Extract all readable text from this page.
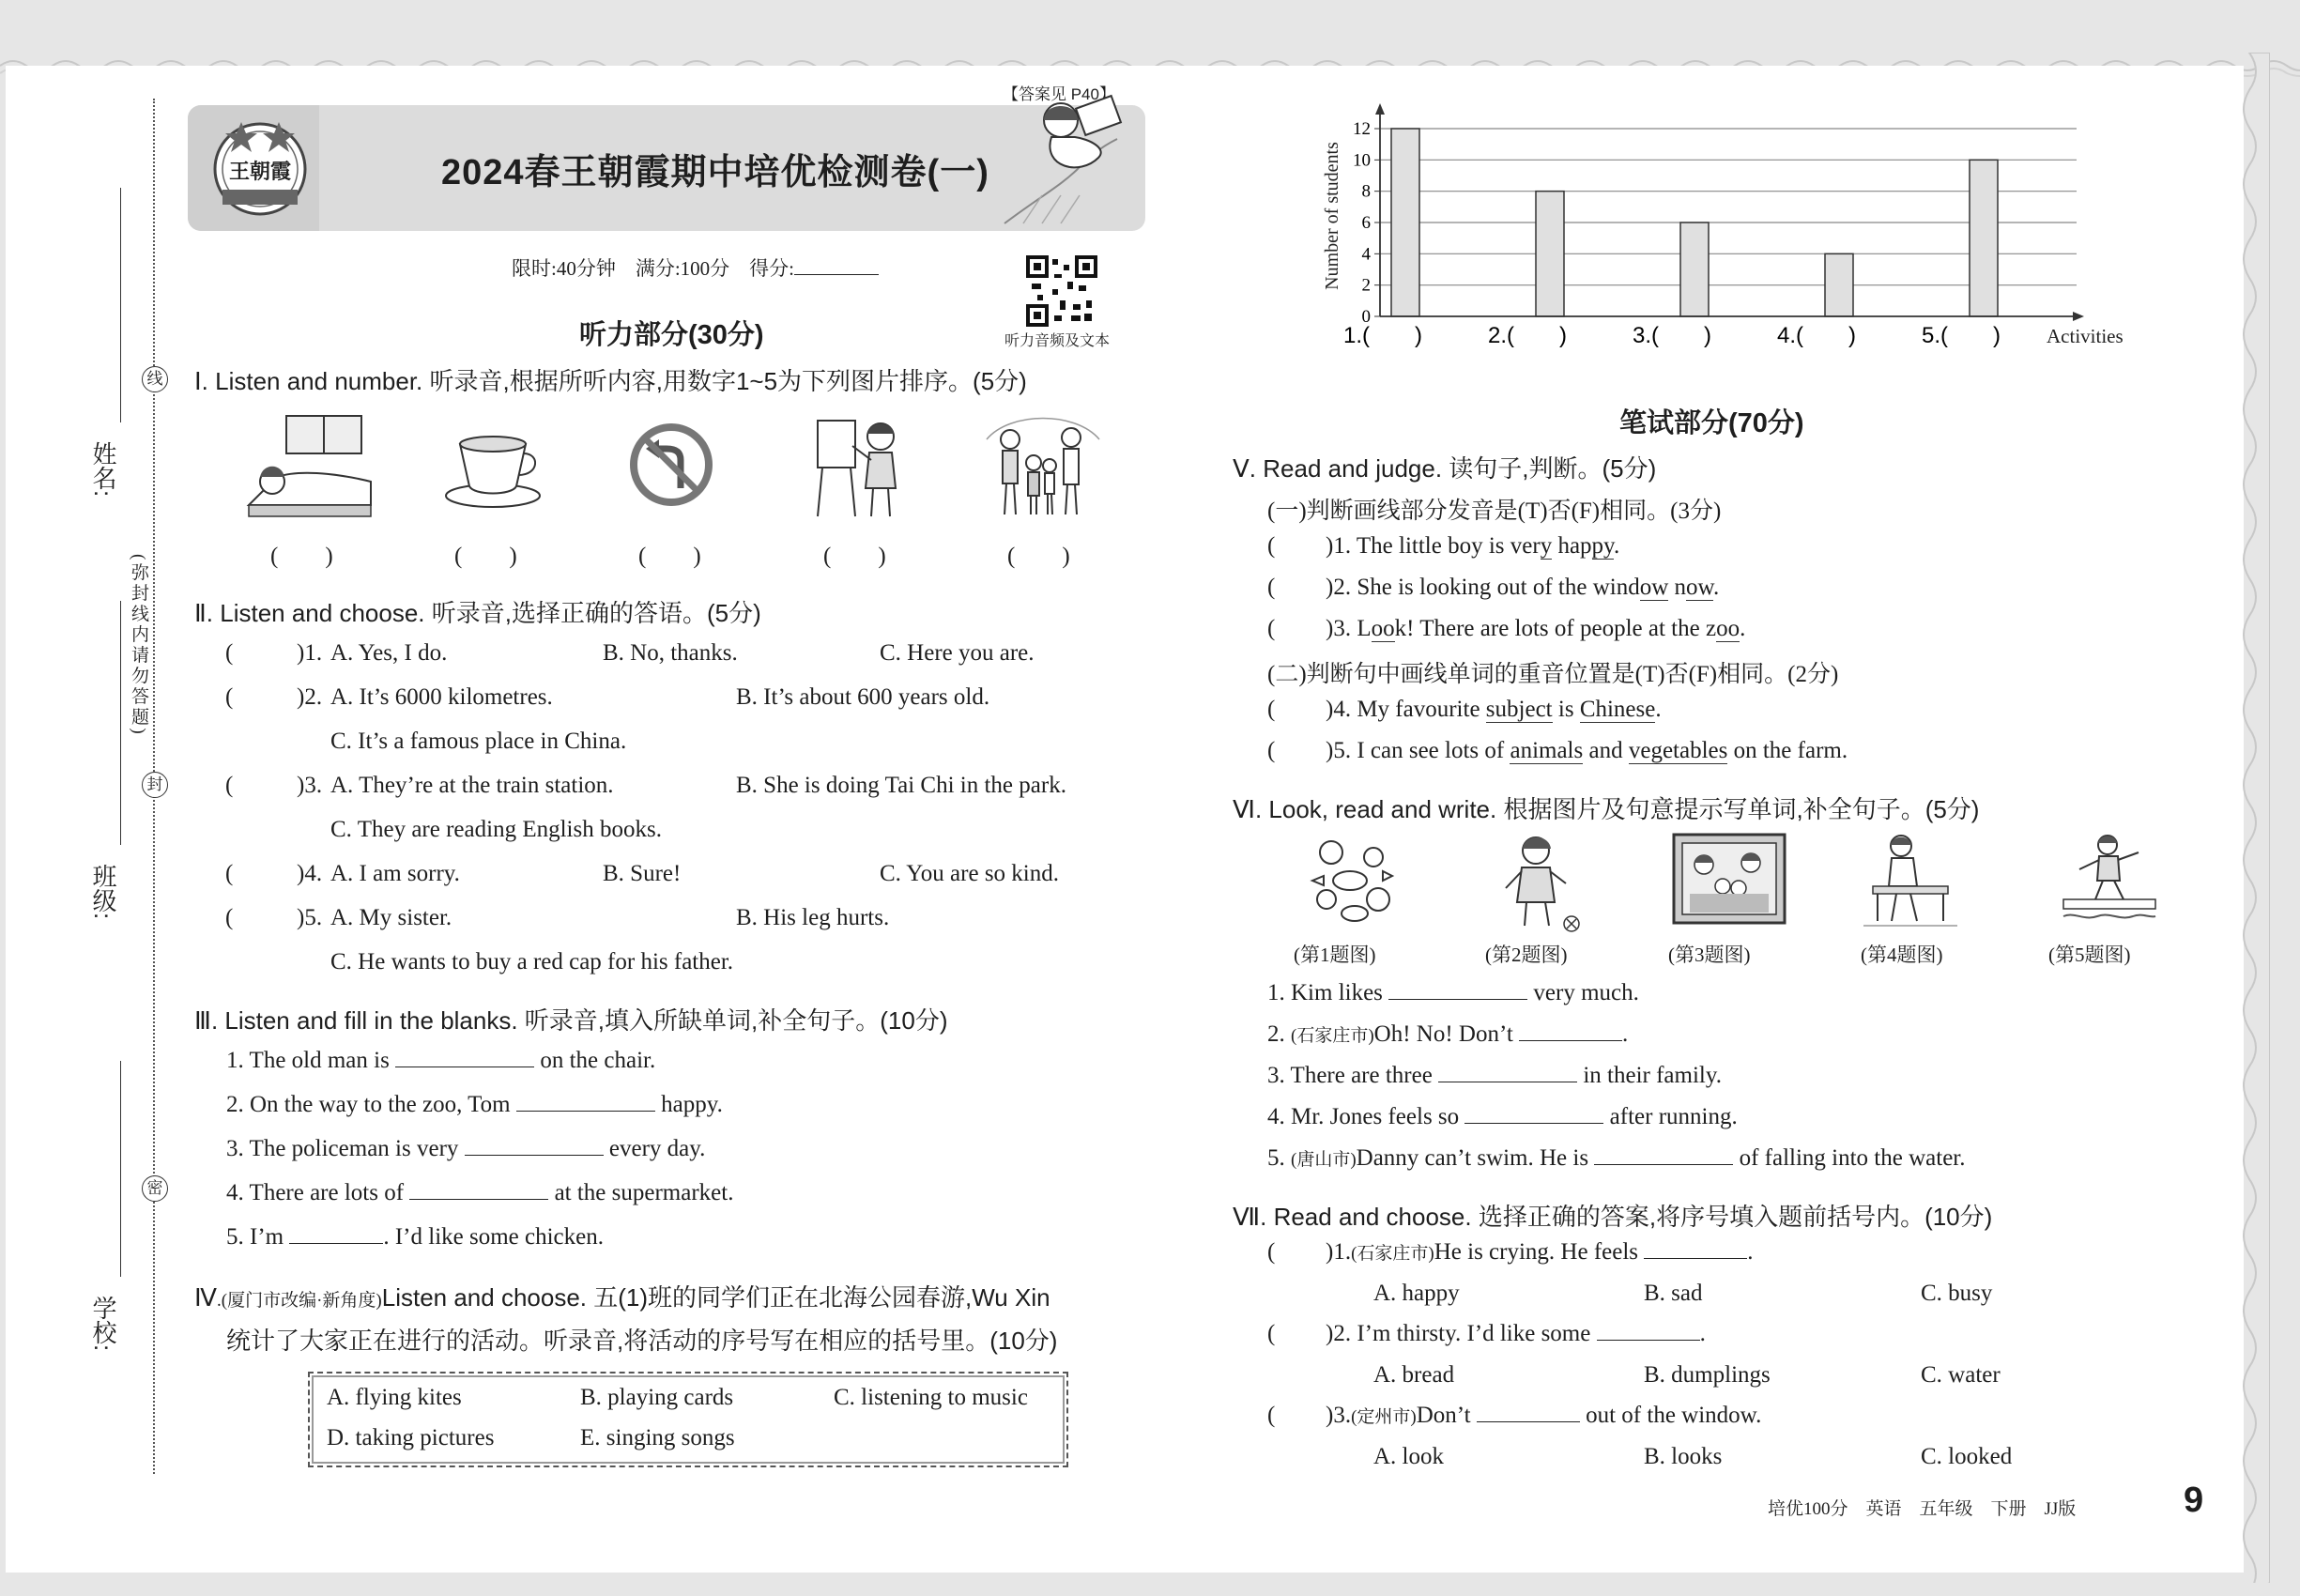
姓名:
班级:
学校:
线
封
密
(弥封线内请勿答题)
王朝霞
【答案见 P40】
2024春王朝霞期中培优检测卷(一)
限时:40分钟　满分:100分　得分:
听力音频及文本
听力部分(30分)
Ⅰ. Listen and number. 听录音,根据所听内容,用数字1~5为下列图片排序。(5分)
(　　)	(　　)	(　　)	(　　)	(　　)
Ⅱ. Listen and choose. 听录音,选择正确的答语。(5分)
(	)1. A. Yes, I do.	B. No, thanks.	C. Here you are.
(	)2. A. It’s 6000 kilometres.	B. It’s about 600 years old.
C. It’s a famous place in China.
(	)3. A. They’re at the train station.	B. She is doing Tai Chi in the park.
C. They are reading English books.
(	)4. A. I am sorry.	B. Sure!	C. You are so kind.
(	)5. A. My sister.	B. His leg hurts.
C. He wants to buy a red cap for his father.
Ⅲ. Listen and fill in the blanks. 听录音,填入所缺单词,补全句子。(10分)
1. The old man is	on the chair.
2. On the way to the zoo, Tom	happy.
3. The policeman is very	every day.
4. There are lots of	at the supermarket.
5. I’m	. I’d like some chicken.
Ⅳ.(厦门市改编·新角度)Listen and choose. 五(1)班的同学们正在北海公园春游,Wu Xin
统计了大家正在进行的活动。听录音,将活动的序号写在相应的括号里。(10分)
A. flying kites	B. playing cards	C. listening to music
D. taking pictures	E. singing songs
0
2
4
6
8
10
12
1.(　　)	2.(　　)	3.(　　)	4.(　　)	5.(　　)
Number of students
Activities
笔试部分(70分)
Ⅴ. Read and judge. 读句子,判断。(5分)
(一)判断画线部分发音是(T)否(F)相同。(3分)
( )1. The little boy is very happy.
( )2. She is looking out of the window now.
( )3. Look! There are lots of people at the zoo.
(二)判断句中画线单词的重音位置是(T)否(F)相同。(2分)
( )4. My favourite subject is Chinese.
( )5. I can see lots of animals and vegetables on the farm.
Ⅵ. Look, read and write. 根据图片及句意提示写单词,补全句子。(5分)
(第1题图)	(第2题图)	(第3题图)	(第4题图)	(第5题图)
1. Kim likes	very much.
2. (石家庄市)Oh! No! Don’t	.
3. There are three	in their family.
4. Mr. Jones feels so	after running.
5. (唐山市)Danny can’t swim. He is	of falling into the water.
Ⅶ. Read and choose. 选择正确的答案,将序号填入题前括号内。(10分)
( )1.(石家庄市)He is crying. He feels	.
A. happy	B. sad	C. busy
( )2. I’m thirsty. I’d like some	.
A. bread	B. dumplings	C. water
( )3.(定州市)Don’t	out of the window.
A. look	B. looks	C. looked
培优100分　英语　五年级　下册　JJ版	9
